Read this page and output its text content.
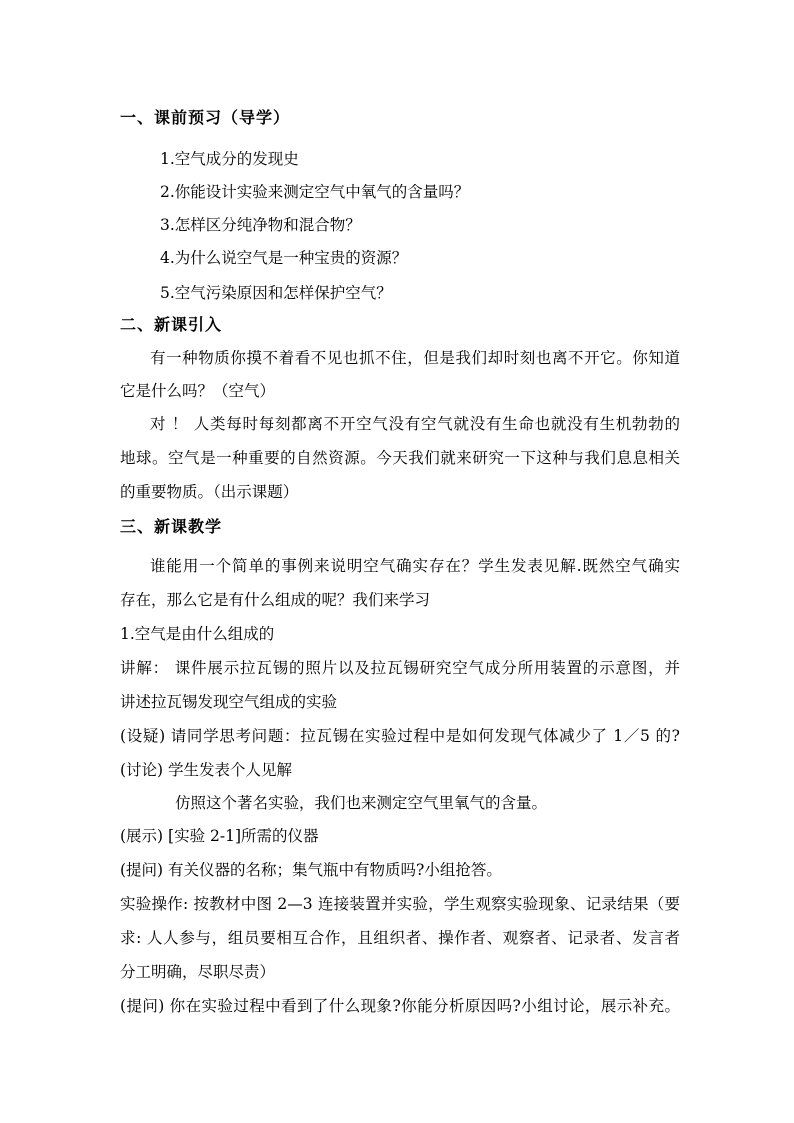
一、课前预习（导学）
1.空气成分的发现史
2.你能设计实验来测定空气中氧气的含量吗？
3.怎样区分纯净物和混合物？
4.为什么说空气是一种宝贵的资源？
5.空气污染原因和怎样保护空气？
二、新课引入
有一种物质你摸不着看不见也抓不住，但是我们却时刻也离不开它。你知道
它是什么吗？（空气）
对 ！ 人类每时每刻都离不开空气没有空气就没有生命也就没有生机勃勃的
地球。空气是一种重要的自然资源。今天我们就来研究一下这种与我们息息相关
的重要物质。（出示课题）
三、新课教学
谁能用一个简单的事例来说明空气确实存在？学生发表见解.既然空气确实
存在，那么它是有什么组成的呢？我们来学习
1.空气是由什么组成的
讲解： 课件展示拉瓦锡的照片以及拉瓦锡研究空气成分所用装置的示意图，并
讲述拉瓦锡发现空气组成的实验
(设疑) 请同学思考问题：拉瓦锡在实验过程中是如何发现气体减少了 1／5 的?
(讨论) 学生发表个人见解
仿照这个著名实验，我们也来测定空气里氧气的含量。
(展示) [实验 2-1]所需的仪器
(提问) 有关仪器的名称；集气瓶中有物质吗?小组抢答。
实验操作: 按教材中图 2—3 连接装置并实验，学生观察实验现象、记录结果（要
求: 人人参与，组员要相互合作，且组织者、操作者、观察者、记录者、发言者
分工明确，尽职尽责）
(提问) 你在实验过程中看到了什么现象?你能分析原因吗?小组讨论，展示补充。
